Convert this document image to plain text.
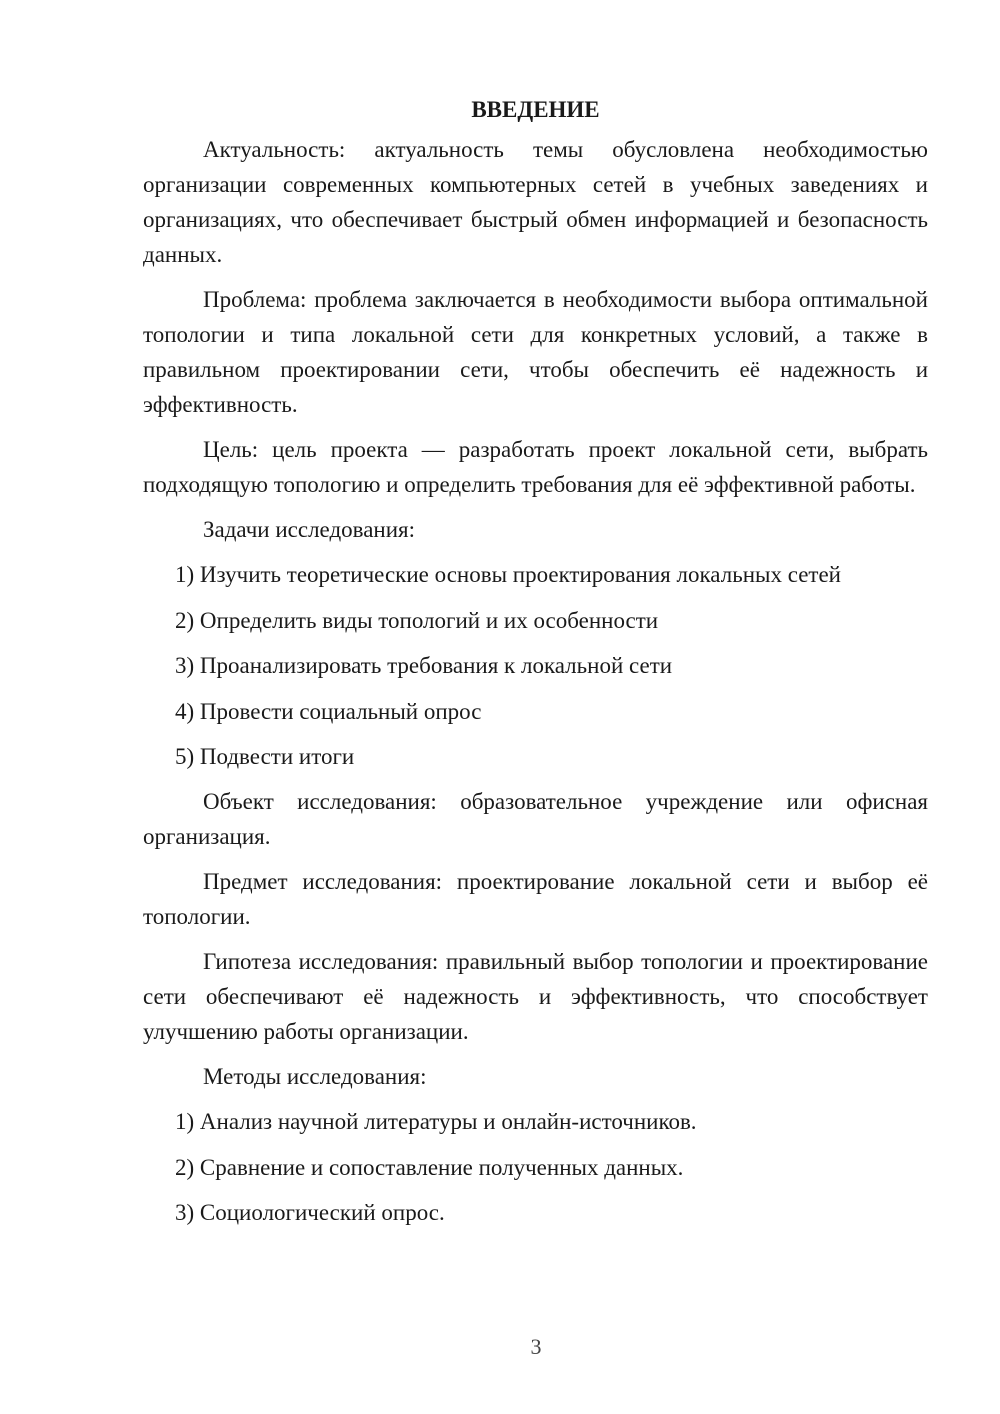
ВВЕДЕНИЕ

Актуальность: актуальность темы обусловлена необходимостью организации современных компьютерных сетей в учебных заведениях и организациях, что обеспечивает быстрый обмен информацией и безопасность данных.

Проблема: проблема заключается в необходимости выбора оптимальной топологии и типа локальной сети для конкретных условий, а также в правильном проектировании сети, чтобы обеспечить её надежность и эффективность.

Цель: цель проекта — разработать проект локальной сети, выбрать подходящую топологию и определить требования для её эффективной работы.

Задачи исследования:

1) Изучить теоретические основы проектирования локальных сетей
2) Определить виды топологий и их особенности
3) Проанализировать требования к локальной сети
4) Провести социальный опрос
5) Подвести итоги

Объект исследования: образовательное учреждение или офисная организация.

Предмет исследования: проектирование локальной сети и выбор её топологии.

Гипотеза исследования: правильный выбор топологии и проектирование сети обеспечивают её надежность и эффективность, что способствует улучшению работы организации.

Методы исследования:

1) Анализ научной литературы и онлайн-источников.
2) Сравнение и сопоставление полученных данных.
3) Социологический опрос.
3
